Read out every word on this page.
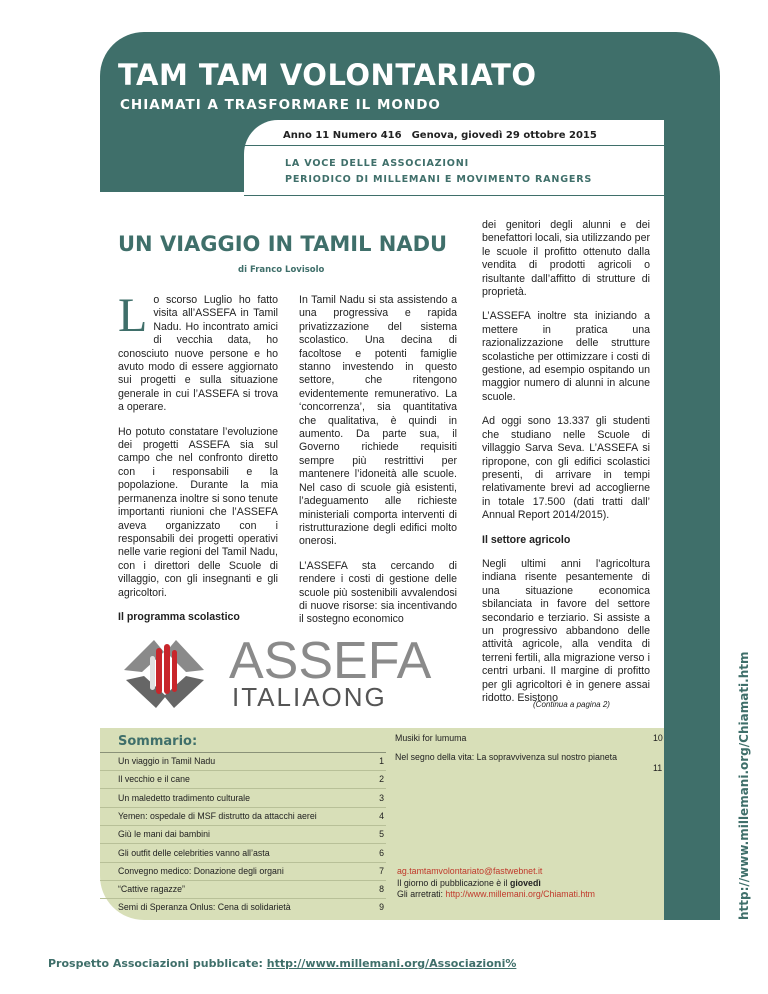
TAM TAM VOLONTARIATO
CHIAMATI A TRASFORMARE IL MONDO
Anno 11 Numero 416 Genova, giovedì 29 ottobre 2015
LA VOCE DELLE ASSOCIAZIONI
PERIODICO DI MILLEMANI E MOVIMENTO RANGERS
http://www.millemani.org/Chiamati.htm
UN VIAGGIO IN TAMIL NADU
di Franco Lovisolo

Lo scorso Luglio ho fatto visita all’ASSEFA in Tamil Nadu. Ho incontrato amici di vecchia data, ho conosciuto nuove persone e ho avuto modo di essere aggiornato sui progetti e sulla situazione generale in cui l’ASSEFA si trova a operare.

Ho potuto constatare l’evoluzione dei progetti ASSEFA sia sul campo che nel confronto diretto con i responsabili e la popolazione. Durante la mia permanenza inoltre si sono tenute importanti riunioni che l’ASSEFA aveva organizzato con i responsabili dei progetti operativi nelle varie regioni del Tamil Nadu, con i direttori delle Scuole di villaggio, con gli insegnanti e gli agricoltori.

Il programma scolastico

In Tamil Nadu si sta assistendo a una progressiva e rapida privatizzazione del sistema scolastico. Una decina di facoltose e potenti famiglie stanno investendo in questo settore, che ritengono evidentemente remunerativo. La ‘concorrenza’, sia quantitativa che qualitativa, è quindi in aumento. Da parte sua, il Governo richiede requisiti sempre più restrittivi per mantenere l’idoneità alle scuole. Nel caso di scuole già esistenti, l’adeguamento alle richieste ministeriali comporta interventi di ristrutturazione degli edifici molto onerosi.

L’ASSEFA sta cercando di rendere i costi di gestione delle scuole più sostenibili avvalendosi di nuove risorse: sia incentivando il sostegno economico

dei genitori degli alunni e dei benefattori locali, sia utilizzando per le scuole il profitto ottenuto dalla vendita di prodotti agricoli o risultante dall’affitto di strutture di proprietà.

L’ASSEFA inoltre sta iniziando a mettere in pratica una razionalizzazione delle strutture scolastiche per ottimizzare i costi di gestione, ad esempio ospitando un maggior numero di alunni in alcune scuole.

Ad oggi sono 13.337 gli studenti che studiano nelle Scuole di villaggio Sarva Seva. L’ASSEFA si ripropone, con gli edifici scolastici presenti, di arrivare in tempi relativamente brevi ad accoglierne in totale 17.500 (dati tratti dall’ Annual Report 2014/2015).

Il settore agricolo

Negli ultimi anni l’agricoltura indiana risente pesantemente di una situazione economica sbilanciata in favore del settore secondario e terziario. Si assiste a un progressivo abbandono delle attività agricole, alla vendita di terreni fertili, alla migrazione verso i centri urbani. Il margine di profitto per gli agricoltori è in genere assai ridotto. Esistono

ASSEFA
ITALIAONG	(Continua a pagina 2)
Sommario:
Un viaggio in Tamil Nadu	1
Il vecchio e il cane	2
Un maledetto tradimento culturale	3
Yemen: ospedale di MSF distrutto da attacchi aerei	4
Giù le mani dai bambini	5
Gli outfit delle celebrities vanno all’asta	6
Convegno medico: Donazione degli organi	7
“Cattive ragazze”	8
Semi di Speranza Onlus: Cena di solidarietà	9
Musiki for lumuma	10
Nel segno della vita: La sopravvivenza sul nostro pianeta
11
ag.tamtamvolontariato@fastwebnet.it
Il giorno di pubblicazione è il giovedì
Gli arretrati: http://www.millemani.org/Chiamati.htm
Prospetto Associazioni pubblicate: http://www.millemani.org/Associazioni%
